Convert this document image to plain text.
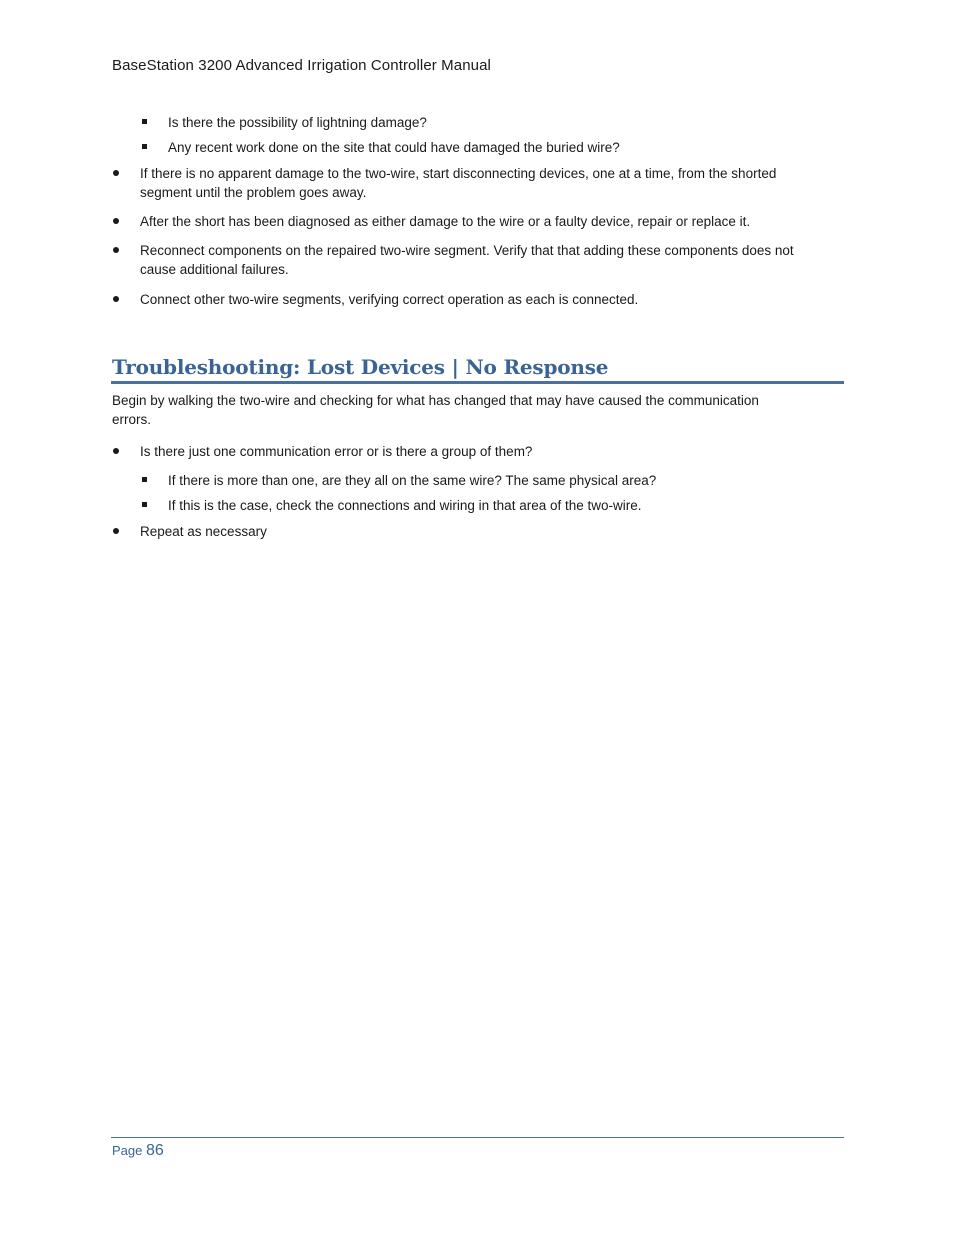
BaseStation 3200 Advanced Irrigation Controller Manual
Is there the possibility of lightning damage?
Any recent work done on the site that could have damaged the buried wire?
If there is no apparent damage to the two-wire, start disconnecting devices, one at a time, from the shorted
segment until the problem goes away.
After the short has been diagnosed as either damage to the wire or a faulty device, repair or replace it.
Reconnect components on the repaired two-wire segment. Verify that that adding these components does not
cause additional failures.
Connect other two-wire segments, verifying correct operation as each is connected.
Troubleshooting: Lost Devices | No Response
Begin by walking the two-wire and checking for what has changed that may have caused the communication
errors.
Is there just one communication error or is there a group of them?
If there is more than one, are they all on the same wire? The same physical area?
If this is the case, check the connections and wiring in that area of the two-wire.
Repeat as necessary
Page 86
